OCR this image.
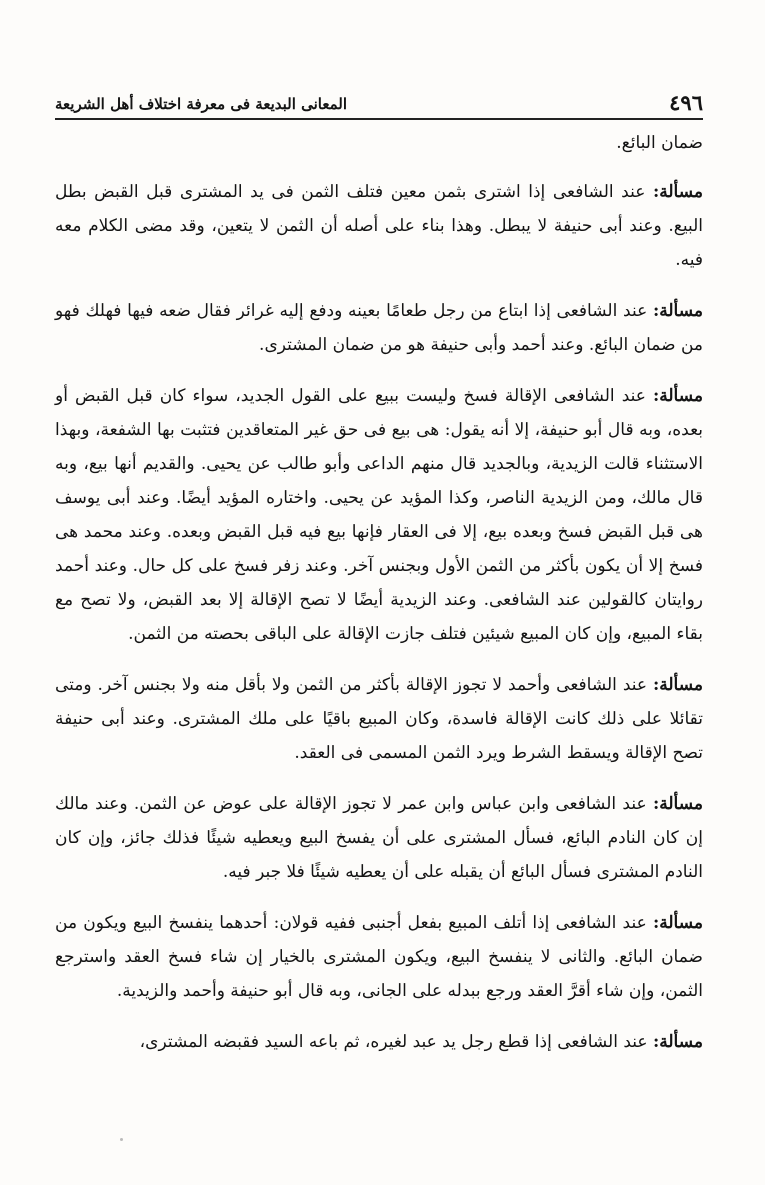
٤٩٦
المعانى البديعة فى معرفة اختلاف أهل الشريعة

ضمان البائع.

مسألة: عند الشافعى إذا اشترى بثمن معين فتلف الثمن فى يد المشترى قبل القبض بطل البيع. وعند أبى حنيفة لا يبطل. وهذا بناء على أصله أن الثمن لا يتعين، وقد مضى الكلام معه فيه.

مسألة: عند الشافعى إذا ابتاع من رجل طعامًا بعينه ودفع إليه غرائر فقال ضعه فيها فهلك فهو من ضمان البائع. وعند أحمد وأبى حنيفة هو من ضمان المشترى.

مسألة: عند الشافعى الإقالة فسخ وليست ببيع على القول الجديد، سواء كان قبل القبض أو بعده، وبه قال أبو حنيفة، إلا أنه يقول: هى بيع فى حق غير المتعاقدين فتثبت بها الشفعة، وبهذا الاستثناء قالت الزيدية، وبالجديد قال منهم الداعى وأبو طالب عن يحيى. والقديم أنها بيع، وبه قال مالك، ومن الزيدية الناصر، وكذا المؤيد عن يحيى. واختاره المؤيد أيضًا. وعند أبى يوسف هى قبل القبض فسخ وبعده بيع، إلا فى العقار فإنها بيع فيه قبل القبض وبعده. وعند محمد هى فسخ إلا أن يكون بأكثر من الثمن الأول وبجنس آخر. وعند زفر فسخ على كل حال. وعند أحمد روايتان كالقولين عند الشافعى. وعند الزيدية أيضًا لا تصح الإقالة إلا بعد القبض، ولا تصح مع بقاء المبيع، وإن كان المبيع شيئين فتلف جازت الإقالة على الباقى بحصته من الثمن.

مسألة: عند الشافعى وأحمد لا تجوز الإقالة بأكثر من الثمن ولا بأقل منه ولا بجنس آخر. ومتى تقائلا على ذلك كانت الإقالة فاسدة، وكان المبيع باقيًا على ملك المشترى. وعند أبى حنيفة تصح الإقالة ويسقط الشرط ويرد الثمن المسمى فى العقد.

مسألة: عند الشافعى وابن عباس وابن عمر لا تجوز الإقالة على عوض عن الثمن. وعند مالك إن كان النادم البائع، فسأل المشترى على أن يفسخ البيع ويعطيه شيئًا فذلك جائز، وإن كان النادم المشترى فسأل البائع أن يقبله على أن يعطيه شيئًا فلا جبر فيه.

مسألة: عند الشافعى إذا أتلف المبيع بفعل أجنبى ففيه قولان: أحدهما ينفسخ البيع ويكون من ضمان البائع. والثانى لا ينفسخ البيع، ويكون المشترى بالخيار إن شاء فسخ العقد واسترجع الثمن، وإن شاء أقرَّ العقد ورجع ببدله على الجانى، وبه قال أبو حنيفة وأحمد والزيدية.

مسألة: عند الشافعى إذا قطع رجل يد عبد لغيره، ثم باعه السيد فقبضه المشترى،
